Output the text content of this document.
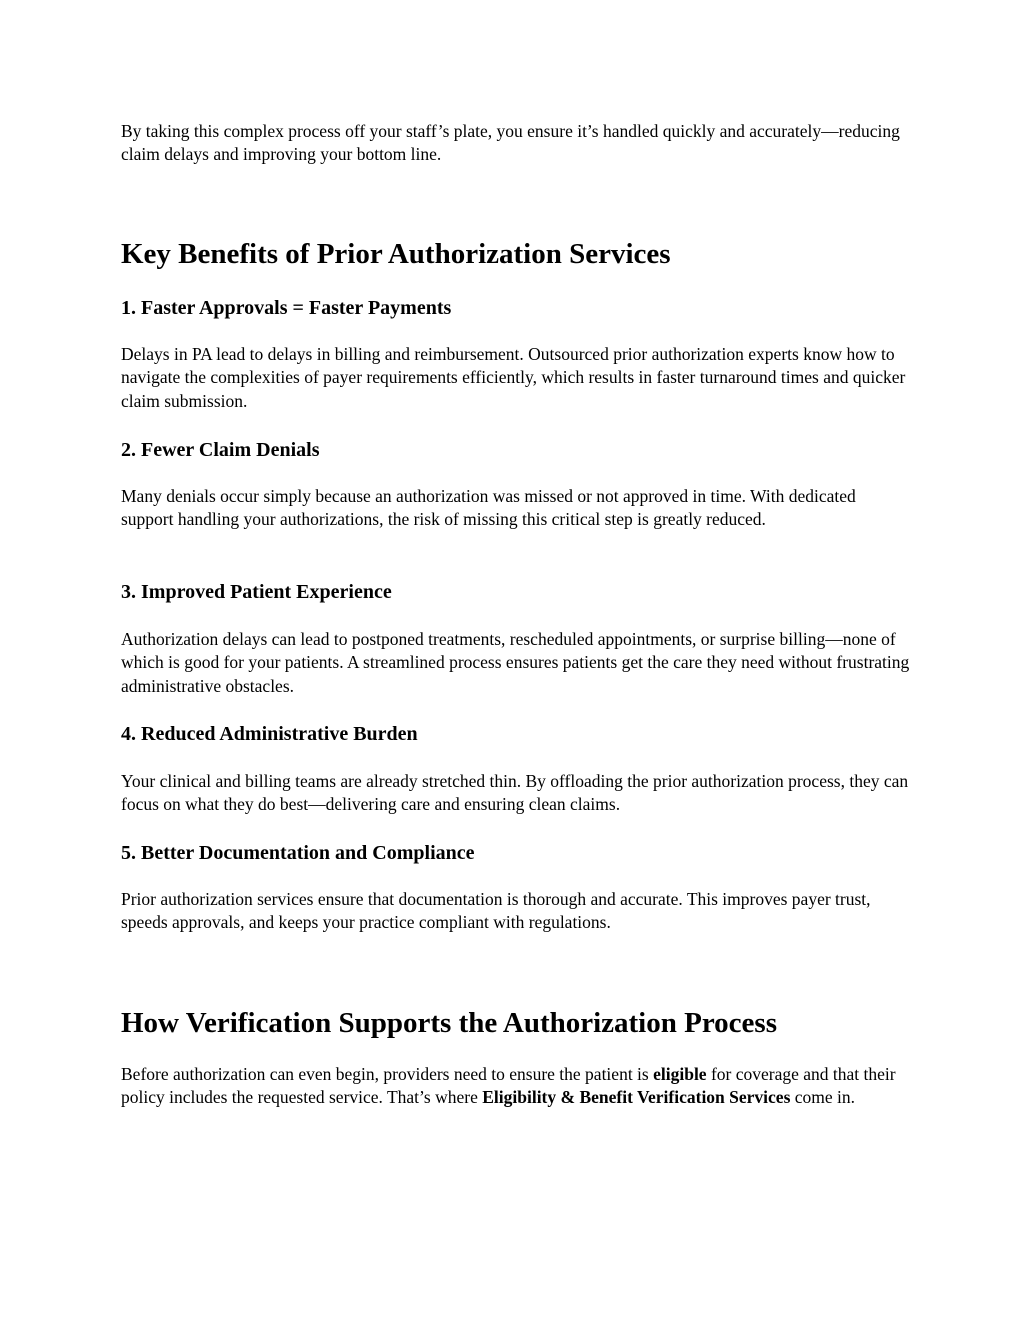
By taking this complex process off your staff’s plate, you ensure it’s handled quickly and accurately—reducing claim delays and improving your bottom line.

Key Benefits of Prior Authorization Services
1. Faster Approvals = Faster Payments

Delays in PA lead to delays in billing and reimbursement. Outsourced prior authorization experts know how to navigate the complexities of payer requirements efficiently, which results in faster turnaround times and quicker claim submission.

2. Fewer Claim Denials

Many denials occur simply because an authorization was missed or not approved in time. With dedicated support handling your authorizations, the risk of missing this critical step is greatly reduced.

3. Improved Patient Experience

Authorization delays can lead to postponed treatments, rescheduled appointments, or surprise billing—none of which is good for your patients. A streamlined process ensures patients get the care they need without frustrating administrative obstacles.

4. Reduced Administrative Burden

Your clinical and billing teams are already stretched thin. By offloading the prior authorization process, they can focus on what they do best—delivering care and ensuring clean claims.

5. Better Documentation and Compliance

Prior authorization services ensure that documentation is thorough and accurate. This improves payer trust, speeds approvals, and keeps your practice compliant with regulations.

How Verification Supports the Authorization Process

Before authorization can even begin, providers need to ensure the patient is eligible for coverage and that their policy includes the requested service. That’s where Eligibility & Benefit Verification Services come in.
